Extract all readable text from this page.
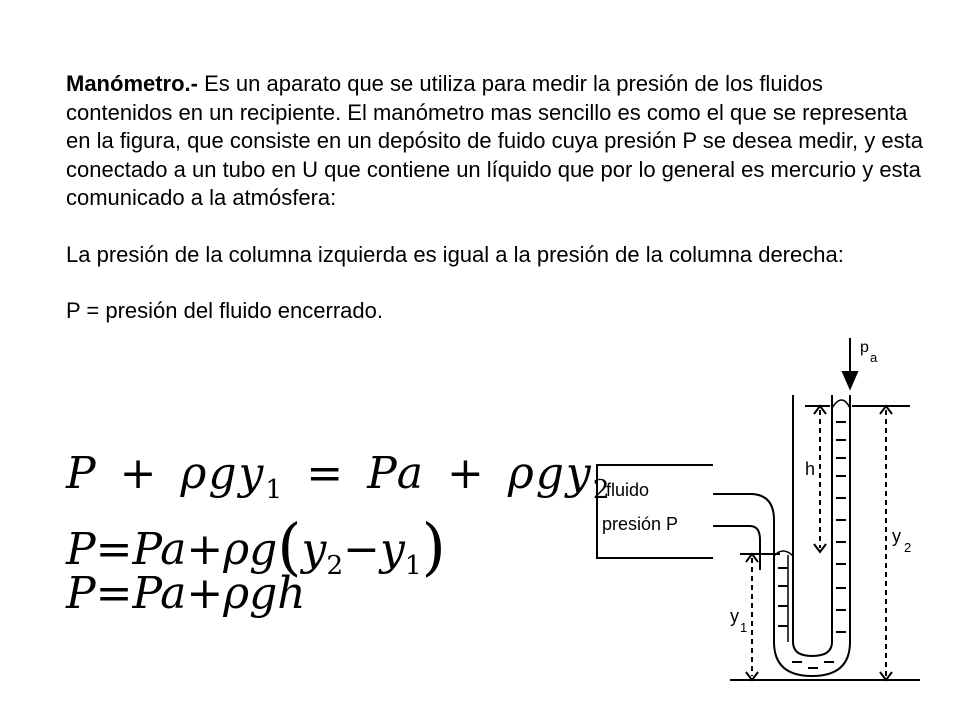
Manómetro.- Es un aparato que se utiliza para medir la presión de los fluidos contenidos en un recipiente. El manómetro mas sencillo es como el que se representa en la figura, que consiste en un depósito de fuido cuya presión P se desea medir, y esta conectado a un tubo en U que contiene un líquido que por lo general es mercurio y esta comunicado a la atmósfera:

La presión de la columna izquierda es igual a la presión de la columna derecha:

P = presión del fluido encerrado.

P + ρgy$_1$ = Pa + ρgy$_2$
$P=Pa+\rho g(y_2-y_1)$
P=Pa+ρgh
fluido
presión P
p
a
h
y
2
y
1
